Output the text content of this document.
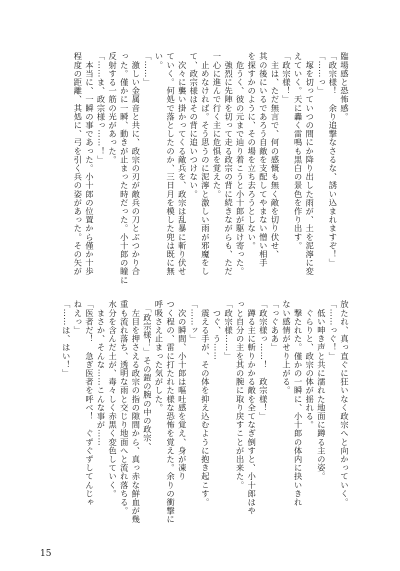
臨場感と恐怖感。
「政宗様！　余り追撃なさるな、誘い込まれますぞ！」
「……っ」
　塚を切っていつの間にか降り出した雨が、土を泥濘に変
えていく。天に轟く雷鳴も黒白の景色を作り出す。
「政宗様！」
　主は、ただ無言で、何の感慨も無く敵を切り伏せ、
其の後にいるであろう自敵を支配してやまない憎い相手
を探すかのように、その場を立ち去ろうとしない。
　危うく、彼の元まで辿り着こうと小十郎が駆け寄った。
　強烈に先陣を切って走る政宗の背に続きながらも、ただ
一心に進んで行く主に危惧を覚えた。
　止めなければ。そう思うのに泥濘と激しい雨が邪魔をし
て、政宗様はその背に追いつけない。
　次々に襲い掛かってくる敵兵を、政宗は乱暴に斬り伏せ
ていく。何処で落としたのか、三日月を模した兜は既に無
い。
「……」
　激しい金属音と共に、政宗の刃が敵兵の刀とぶつかり合
った。僅かに一瞬、動きが止まった時だった。小十郎の瞳に
反射する一筋の光があった。
「……ま、政宗様っ……！」
　本当に、一瞬の事であった。小十郎の位置から僅か十歩
程度の距離、其処に、弓を引く兵の姿があった。その矢が
放たれ、真っ直ぐに狂いなく政宗へと向かっていく。
「……っぐ！」
　低い呻き声と共に濡れた地面に蹲る主の姿。
　ぐらりと、政宗の体が揺れる。
　撃たれた。僅かの一瞬に、小十郎の体内に抉いきれ
ない感情がせり上がる。
「っぐああ」
「政宗様っ……！　政宗様！」
　蹲る主に斬りかかる敵を全てなぎ倒すと、小十郎はや
っと自分の主を其の腕に取り戻すことが出来た。
「政宗様……」
　つぐ、う……
　震える手が、その体を抑え込むように抱き起こす。
「……ッ」
　次の瞬間、小十郎は嘔吐感を覚え、身が凍り
つく程の、雷に打たれた様な恐怖を覚えた。余りの衝撃に
呼吸さえ止まった気がした。
　「政宗様！」その鎧の腕の中の政宗、
　左目を押さえる政宗の指の隙間から、真っ赤な鮮血が幾
重も流れ落ち、透明な雨と交じり地面へと流れ落ちる。
水分を含んだ土が、毒々しく赤黒く変色していく。
　まさか、そんな……こんな事が……
「医者だ！　急ぎ医者を呼べ！　ぐずぐずしてんじゃ
ねえっ」
「……は、はい！」
15
